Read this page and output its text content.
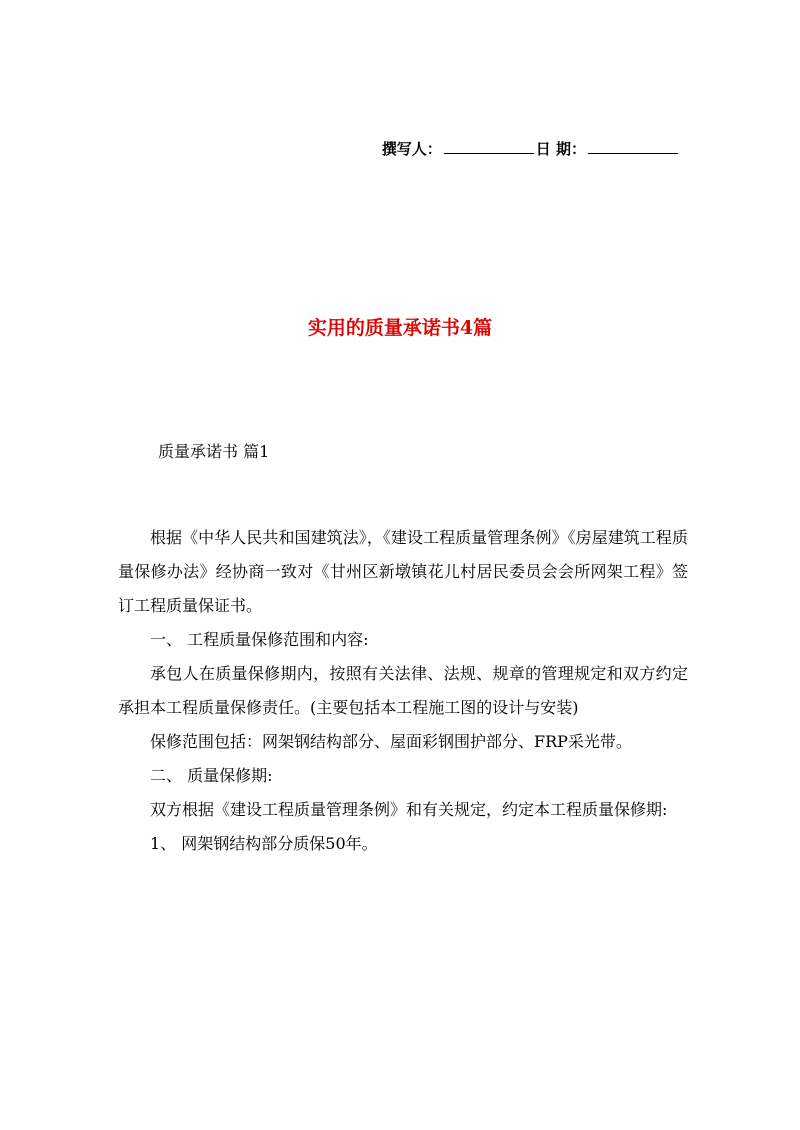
撰写人：	日 期：
实用的质量承诺书4篇
质量承诺书 篇1

根据《中华人民共和国建筑法》，《建设工程质量管理条例》《房屋建筑工程质量保修办法》经协商一致对《甘州区新墩镇花儿村居民委员会会所网架工程》签订工程质量保证书。

一、 工程质量保修范围和内容:

承包人在质量保修期内，按照有关法律、法规、规章的管理规定和双方约定承担本工程质量保修责任。(主要包括本工程施工图的设计与安装)

保修范围包括：网架钢结构部分、屋面彩钢围护部分、FRP采光带。

二、 质量保修期:

双方根据《建设工程质量管理条例》和有关规定，约定本工程质量保修期:

1、 网架钢结构部分质保50年。
